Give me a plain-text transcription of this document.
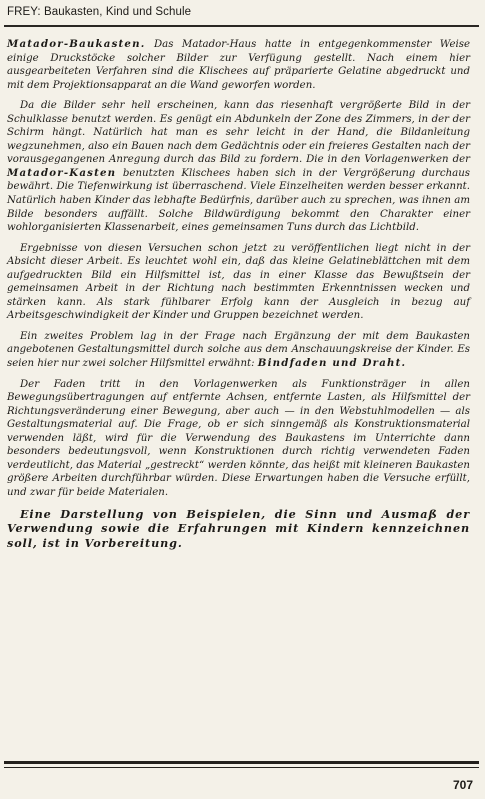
FREY: Baukasten, Kind und Schule

Matador-Baukasten. Das Matador-Haus hatte in entgegenkommenster Weise einige Druckstöcke solcher Bilder zur Verfügung gestellt. Nach einem hier ausgearbeiteten Verfahren sind die Klischees auf präparierte Gelatine abgedruckt und mit dem Projektionsapparat an die Wand geworfen worden.

Da die Bilder sehr hell erscheinen, kann das riesenhaft vergrößerte Bild in der Schulklasse benutzt werden. Es genügt ein Abdunkeln der Zone des Zimmers, in der der Schirm hängt. Natürlich hat man es sehr leicht in der Hand, die Bildanleitung wegzunehmen, also ein Bauen nach dem Gedächtnis oder ein freieres Gestalten nach der vorausgegangenen Anregung durch das Bild zu fordern. Die in den Vorlagenwerken der Matador-Kasten benutzten Klischees haben sich in der Vergrößerung durchaus bewährt. Die Tiefenwirkung ist überraschend. Viele Einzelheiten werden besser erkannt. Natürlich haben Kinder das lebhafte Bedürfnis, darüber auch zu sprechen, was ihnen am Bilde besonders auffällt. Solche Bildwürdigung bekommt den Charakter einer wohlorganisierten Klassenarbeit, eines gemeinsamen Tuns durch das Lichtbild.

Ergebnisse von diesen Versuchen schon jetzt zu veröffentlichen liegt nicht in der Absicht dieser Arbeit. Es leuchtet wohl ein, daß das kleine Gelatineblättchen mit dem aufgedruckten Bild ein Hilfsmittel ist, das in einer Klasse das Bewußtsein der gemeinsamen Arbeit in der Richtung nach bestimmten Erkenntnissen wecken und stärken kann. Als stark fühlbarer Erfolg kann der Ausgleich in bezug auf Arbeitsgeschwindigkeit der Kinder und Gruppen bezeichnet werden.

Ein zweites Problem lag in der Frage nach Ergänzung der mit dem Baukasten angebotenen Gestaltungsmittel durch solche aus dem Anschauungskreise der Kinder. Es seien hier nur zwei solcher Hilfsmittel erwähnt: Bindfaden und Draht.

Der Faden tritt in den Vorlagenwerken als Funktionsträger in allen Bewegungsübertragungen auf entfernte Achsen, entfernte Lasten, als Hilfsmittel der Richtungsveränderung einer Bewegung, aber auch — in den Webstuhlmodellen — als Gestaltungsmaterial auf. Die Frage, ob er sich sinngemäß als Konstruktionsmaterial verwenden läßt, wird für die Verwendung des Baukastens im Unterrichte dann besonders bedeutungsvoll, wenn Konstruktionen durch richtig verwendeten Faden verdeutlicht, das Material „gestreckt“ werden könnte, das heißt mit kleineren Baukasten größere Arbeiten durchführbar würden. Diese Erwartungen haben die Versuche erfüllt, und zwar für beide Materialen.

Eine Darstellung von Beispielen, die Sinn und Ausmaß der Verwendung sowie die Erfahrungen mit Kindern kennzeichnen soll, ist in Vorbereitung.

707
